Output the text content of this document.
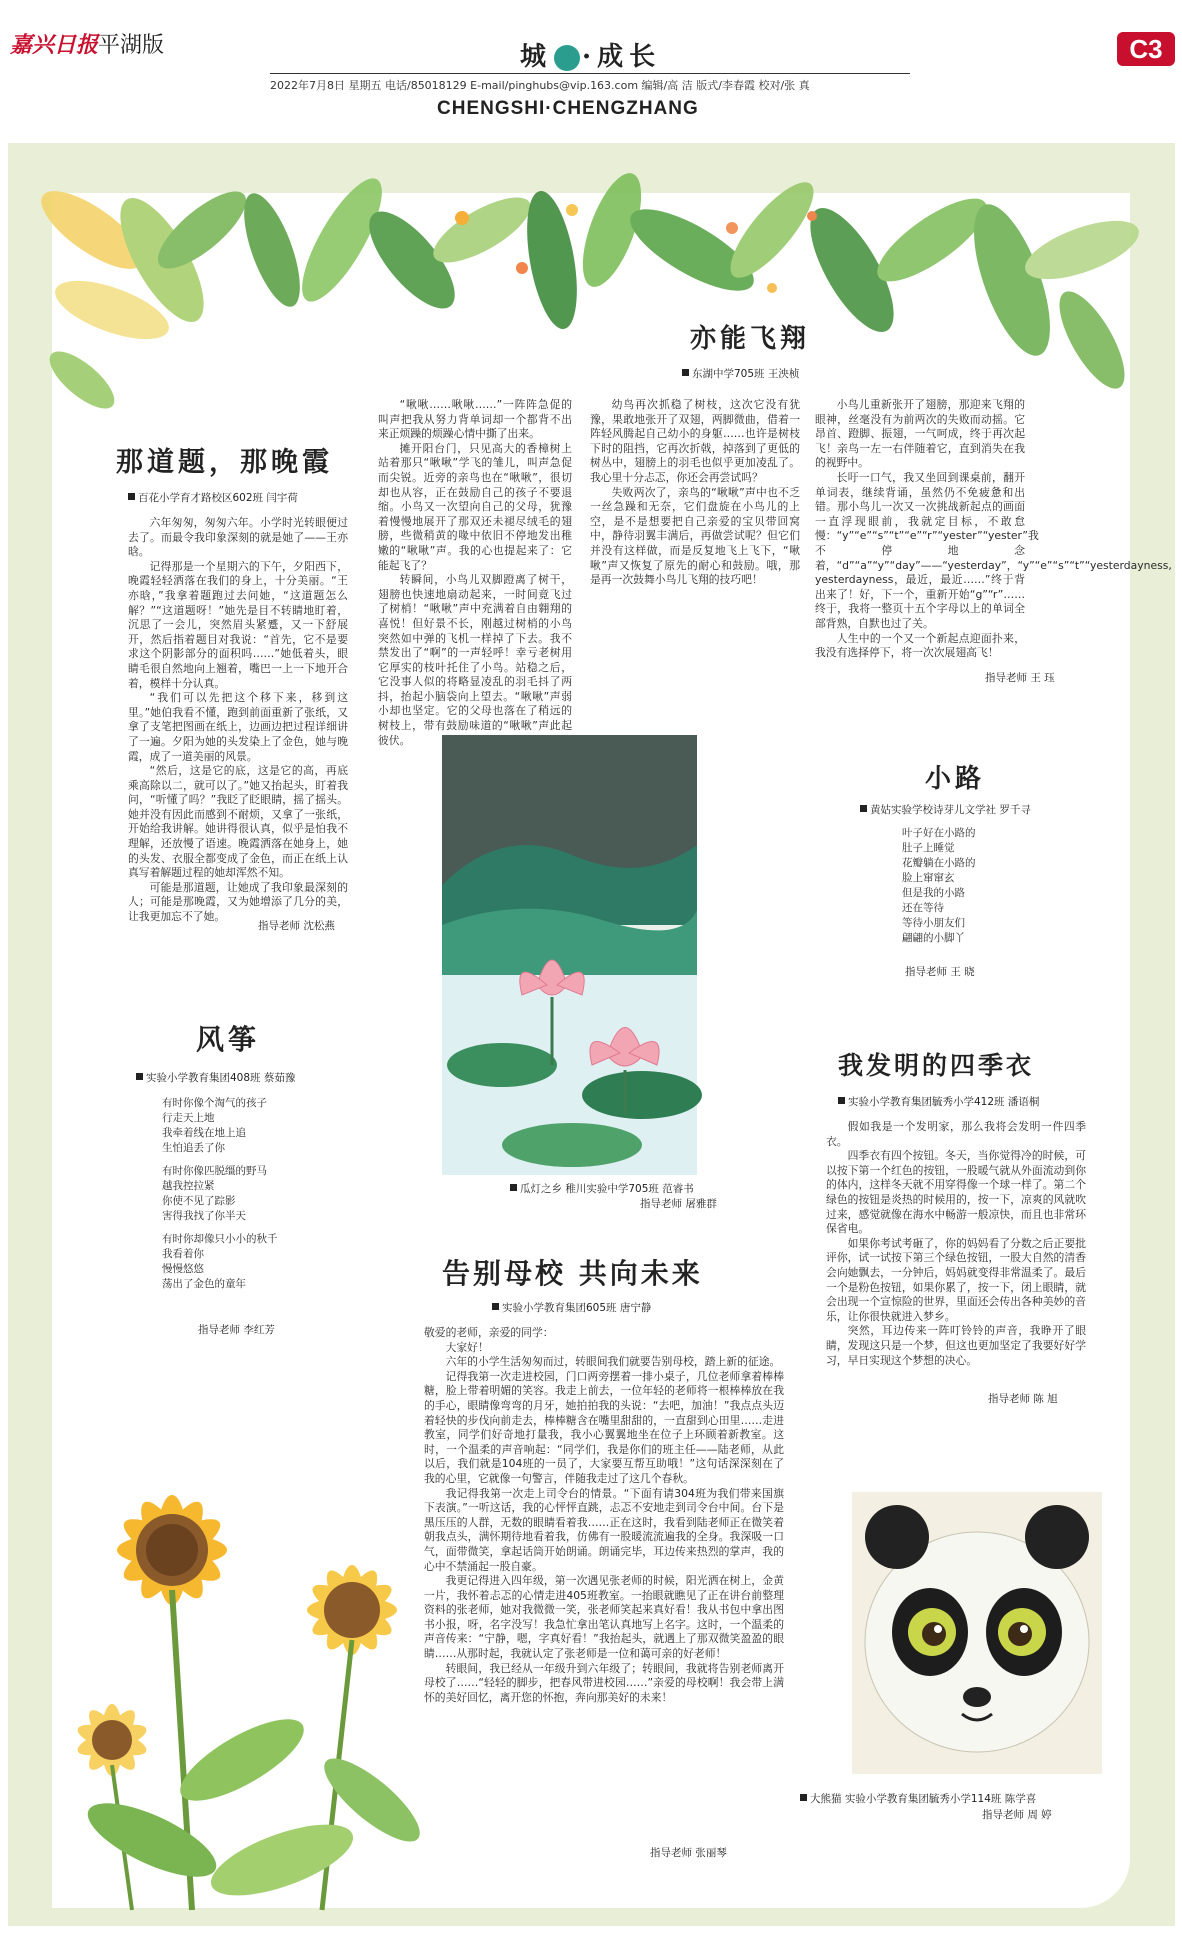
嘉兴日报平湖版	城 ·成长	C3
2022年7月8日 星期五 电话/85018129 E-mail/pinghubs@vip.163.com 编辑/高 洁 版式/李春霞 校对/张 真
CHENGSHI·CHENGZHANG
亦能飞翔
东湖中学705班 王泱桢
那道题，那晚霞
百花小学育才路校区602班 闫宇荷

六年匆匆，匆匆六年。小学时光转眼便过去了。而最令我印象深刻的就是她了——王亦晗。

记得那是一个星期六的下午，夕阳西下，晚霞轻轻洒落在我们的身上，十分美丽。“王亦晗，”我拿着题跑过去问她，“这道题怎么解？”“这道题呀！”她先是目不转睛地盯着，沉思了一会儿，突然眉头紧蹙，又一下舒展开，然后指着题目对我说：“首先，它不是要求这个阴影部分的面积吗……”她低着头，眼睛毛很自然地向上翘着，嘴巴一上一下地开合着，模样十分认真。

“我们可以先把这个移下来，移到这里。”她伯我看不懂，跑到前面重新了张纸，又拿了支笔把图画在纸上，边画边把过程详细讲了一遍。夕阳为她的头发染上了金色，她与晚霞，成了一道美丽的风景。

“然后，这是它的底，这是它的高，再底乘高除以二，就可以了。”她又抬起头，盯着我问，“听懂了吗？”我眨了眨眼睛，摇了摇头。她并没有因此而感到不耐烦，又拿了一张纸，开始给我讲解。她讲得很认真，似乎是怕我不理解，还放慢了语速。晚霞洒落在她身上，她的头发、衣服全都变成了金色，而正在纸上认真写着解题过程的她却浑然不知。

可能是那道题，让她成了我印象最深刻的人；可能是那晚霞，又为她增添了几分的美，让我更加忘不了她。

指导老师 沈松燕

“啾啾……啾啾……”一阵阵急促的叫声把我从努力背单词却一个都背不出来正烦躁的烦躁心情中撕了出来。

摊开阳台门，只见高大的香樟树上站着那只“啾啾”学飞的雏儿，叫声急促而尖锐。近旁的亲鸟也在“啾啾”，很切却也从容，正在鼓励自己的孩子不要退缩。小鸟又一次望向自己的父母，犹豫着慢慢地展开了那双还未褪尽绒毛的翅膀，些微稍黄的喙中依旧不停地发出稚嫩的“啾啾”声。我的心也提起来了：它能起飞了？

转瞬间，小鸟儿双脚蹬离了树干，翅膀也快速地扇动起来，一时间竟飞过了树梢！“啾啾”声中充满着自由翱翔的喜悦！但好景不长，刚越过树梢的小鸟突然如中弹的飞机一样掉了下去。我不禁发出了“啊”的一声轻呼！幸亏老树用它厚实的枝叶托住了小鸟。站稳之后，它没事人似的将略显凌乱的羽毛抖了两抖，抬起小脑袋向上望去。“啾啾”声弱小却也坚定。它的父母也落在了稍远的树枝上，带有鼓励味道的“啾啾”声此起彼伏。

幼鸟再次抓稳了树枝，这次它没有犹豫，果敢地张开了双翅，两脚微曲，借着一阵轻风腾起自己幼小的身躯……也许是树枝下时的阻挡，它再次折戟，掉落到了更低的树丛中，翅膀上的羽毛也似乎更加凌乱了。我心里十分忐忑，你还会再尝试吗？

失败两次了，亲鸟的“啾啾”声中也不乏一丝急躁和无奈，它们盘旋在小鸟儿的上空，是不是想要把自己亲爱的宝贝带回窝中，静待羽翼丰满后，再做尝试呢？但它们并没有这样做，而是反复地飞上飞下，“啾啾”声又恢复了原先的耐心和鼓励。哦，那是再一次鼓舞小鸟儿飞翔的技巧吧！

小鸟儿重新张开了翅膀，那迎来飞翔的眼神，丝毫没有为前两次的失败而动摇。它昂首、蹬脚、振翅，一气呵成，终于再次起飞！亲鸟一左一右伴随着它，直到消失在我的视野中。

长吁一口气，我又坐回到课桌前，翻开单词表，继续背诵，虽然仍不免疲惫和出错。那小鸟儿一次又一次挑战新起点的画面一直浮现眼前，我就定目标，不敢怠慢：“y”“e”“s”“t”“e”“r”“yester”“yester”我不停地念着，“d”“a”“y”“day”——“yesterday”，“y”“e”“s”“t”“yesterdayness, yesterdayness，最近，最近……”终于背出来了！好，下一个，重新开始“g”“r”……终于，我将一整页十五个字母以上的单词全部背熟，自默也过了关。

人生中的一个又一个新起点迎面扑来，我没有选择停下，将一次次展翅高飞！

指导老师 王 珏
瓜灯之乡 稚川实验中学705班 范睿书
指导老师 屠雅群
小路
黄姑实验学校诗芽儿文学社 罗千寻
叶子好在小路的
肚子上睡觉
花瓣躺在小路的
脸上窜窜玄
但是我的小路
还在等待
等待小朋友们
翩翩的小脚丫
指导老师 王 晓
风筝
实验小学教育集团408班 蔡茹豫
有时你像个淘气的孩子
行走天上地
我牵着线在地上追
生怕追丢了你
有时你像匹脱缰的野马
越我控拉紧
你使不见了踪影
害得我找了你半天
有时你却像只小小的秋千
我看着你
慢慢悠悠
荡出了金色的童年
指导老师 李红芳
我发明的四季衣
实验小学教育集团毓秀小学412班 潘语桐

假如我是一个发明家，那么我将会发明一件四季衣。

四季衣有四个按钮。冬天，当你觉得冷的时候，可以按下第一个红色的按钮，一股暖气就从外面流动到你的体内，这样冬天就不用穿得像一个球一样了。第二个绿色的按钮是炎热的时候用的，按一下，凉爽的风就吹过来，感觉就像在海水中畅游一般凉快，而且也非常环保省电。

如果你考试考砸了，你的妈妈看了分数之后正要批评你，试一试按下第三个绿色按钮，一股大自然的清香会向她飘去，一分钟后，妈妈就变得非常温柔了。最后一个是粉色按钮，如果你累了，按一下，闭上眼睛，就会出现一个宣惊险的世界，里面还会传出各种美妙的音乐，让你很快就进入梦乡。

突然，耳边传来一阵叮铃铃的声音，我睁开了眼睛，发现这只是一个梦，但这也更加坚定了我要好好学习，早日实现这个梦想的决心。

指导老师 陈 旭
告别母校 共向未来
实验小学教育集团605班 唐宁静

敬爱的老师，亲爱的同学：

大家好！

六年的小学生活匆匆而过，转眼间我们就要告别母校，踏上新的征途。

记得我第一次走进校园，门口两旁摆着一排小桌子，几位老师拿着棒棒糖，脸上带着明媚的笑容。我走上前去，一位年轻的老师将一根棒棒放在我的手心，眼睛像弯弯的月牙，她拍拍我的头说：“去吧，加油！”我点点头迈着轻快的步伐向前走去，棒棒糖含在嘴里甜甜的，一直甜到心田里……走进教室，同学们好奇地打量我，我小心翼翼地坐在位子上环顾着新教室。这时，一个温柔的声音响起：“同学们，我是你们的班主任——陆老师，从此以后，我们就是104班的一员了，大家要互帮互助哦！”这句话深深刻在了我的心里，它就像一句警言，伴随我走过了这几个春秋。

我记得我第一次走上司令台的情景。“下面有请304班为我们带来国旗下表演。”一听这话，我的心怦怦直跳，忐忑不安地走到司令台中间。台下是黑压压的人群，无数的眼睛看着我……正在这时，我看到陆老师正在微笑着朝我点头，满怀期待地看着我，仿佛有一股暖流流遍我的全身。我深吸一口气，面带微笑，拿起话筒开始朗诵。朗诵完毕，耳边传来热烈的掌声，我的心中不禁涌起一股自豪。

我更记得进入四年级，第一次遇见张老师的时候，阳光洒在树上，金黄一片，我怀着忐忑的心情走进405班教室。一抬眼就瞧见了正在讲台前整理资料的张老师，她对我微微一笑，张老师笑起来真好看！我从书包中拿出图书小报，呀，名字没写！我急忙拿出笔认真地写上名字。这时，一个温柔的声音传来：“宁静，嗯，字真好看！”我抬起头，就遇上了那双微笑盈盈的眼睛……从那时起，我就认定了张老师是一位和蔼可亲的好老师！

转眼间，我已经从一年级升到六年级了；转眼间，我就将告别老师离开母校了……“轻轻的脚步，把春风带进校园……”亲爱的母校啊！我会带上满怀的美好回忆，离开您的怀抱，奔向那美好的未来！

指导老师 张丽琴
大熊猫 实验小学教育集团毓秀小学114班 陈学喜
指导老师 周 婷
